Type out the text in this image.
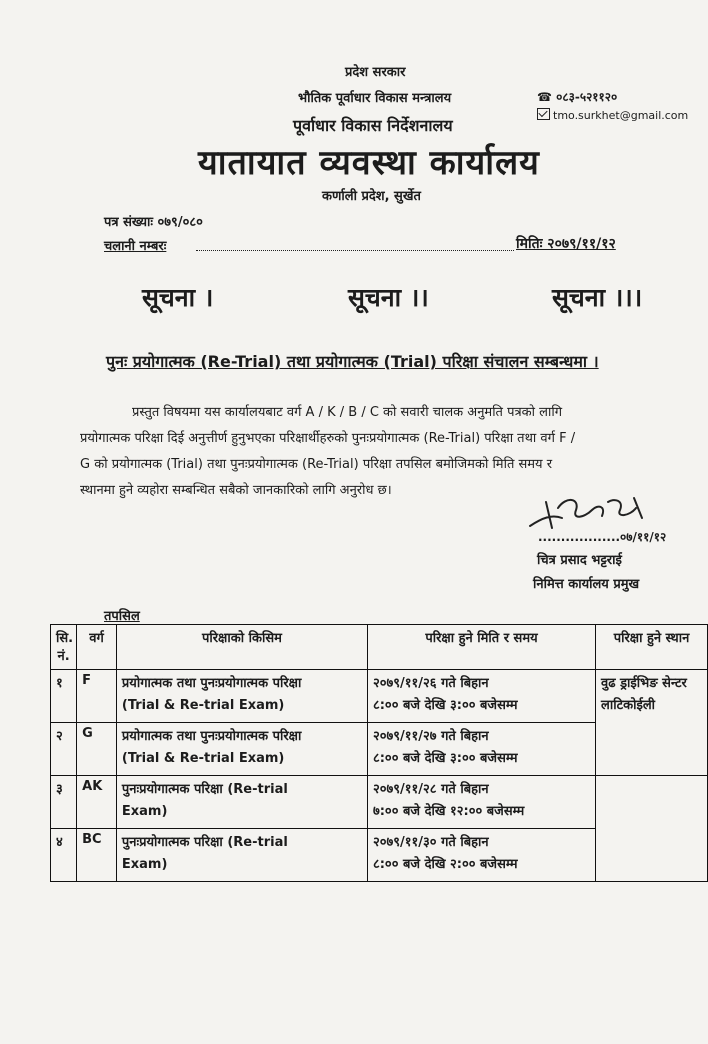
प्रदेश सरकार
भौतिक पूर्वाधार विकास मन्त्रालय
पूर्वाधार विकास निर्देशनालय
यातायात व्यवस्था कार्यालय
कर्णाली प्रदेश, सुर्खेत
☎ ०८३-५२११२०
tmo.surkhet@gmail.com
पत्र संख्याः ०७९/०८०
चलानी नम्बरः	मितिः २०७९/११/१२
सूचना ।	सूचना ।।	सूचना ।।।
पुनः प्रयोगात्मक (Re-Trial) तथा प्रयोगात्मक (Trial) परिक्षा संचालन सम्बन्धमा ।
प्रस्तुत विषयमा यस कार्यालयबाट वर्ग A / K / B / C को सवारी चालक अनुमति पत्रको लागि
प्रयोगात्मक परिक्षा दिई अनुत्तीर्ण हुनुभएका परिक्षार्थीहरुको पुनःप्रयोगात्मक (Re-Trial) परिक्षा तथा वर्ग F /
G को प्रयोगात्मक (Trial) तथा पुनःप्रयोगात्मक (Re-Trial) परिक्षा तपसिल बमोजिमको मिति समय र
स्थानमा हुने व्यहोरा सम्बन्धित सबैको जानकारिको लागि अनुरोध छ।
..................०७/११/१२
चित्र प्रसाद भट्टराई
निमित्त कार्यालय प्रमुख
तपसिल
सि. नं.	वर्ग	परिक्षाको किसिम	परिक्षा हुने मिति र समय	परिक्षा हुने स्थान
१	F	प्रयोगात्मक तथा पुनःप्रयोगात्मक परिक्षा
(Trial & Re-trial Exam)	२०७९/११/२६ गते बिहान
८:०० बजे देखि ३:०० बजेसम्म	वुढ ड्राईभिङ सेन्टर
लाटिकोईली

२	G	प्रयोगात्मक तथा पुनःप्रयोगात्मक परिक्षा
(Trial & Re-trial Exam)	२०७९/११/२७ गते बिहान
८:०० बजे देखि ३:०० बजेसम्म	

३	AK	पुनःप्रयोगात्मक परिक्षा (Re-trial
Exam)	२०७९/११/२८ गते बिहान
७:०० बजे देखि १२:०० बजेसम्म	

४	BC	पुनःप्रयोगात्मक परिक्षा (Re-trial
Exam)	२०७९/११/३० गते बिहान
८:०० बजे देखि २:०० बजेसम्म	
